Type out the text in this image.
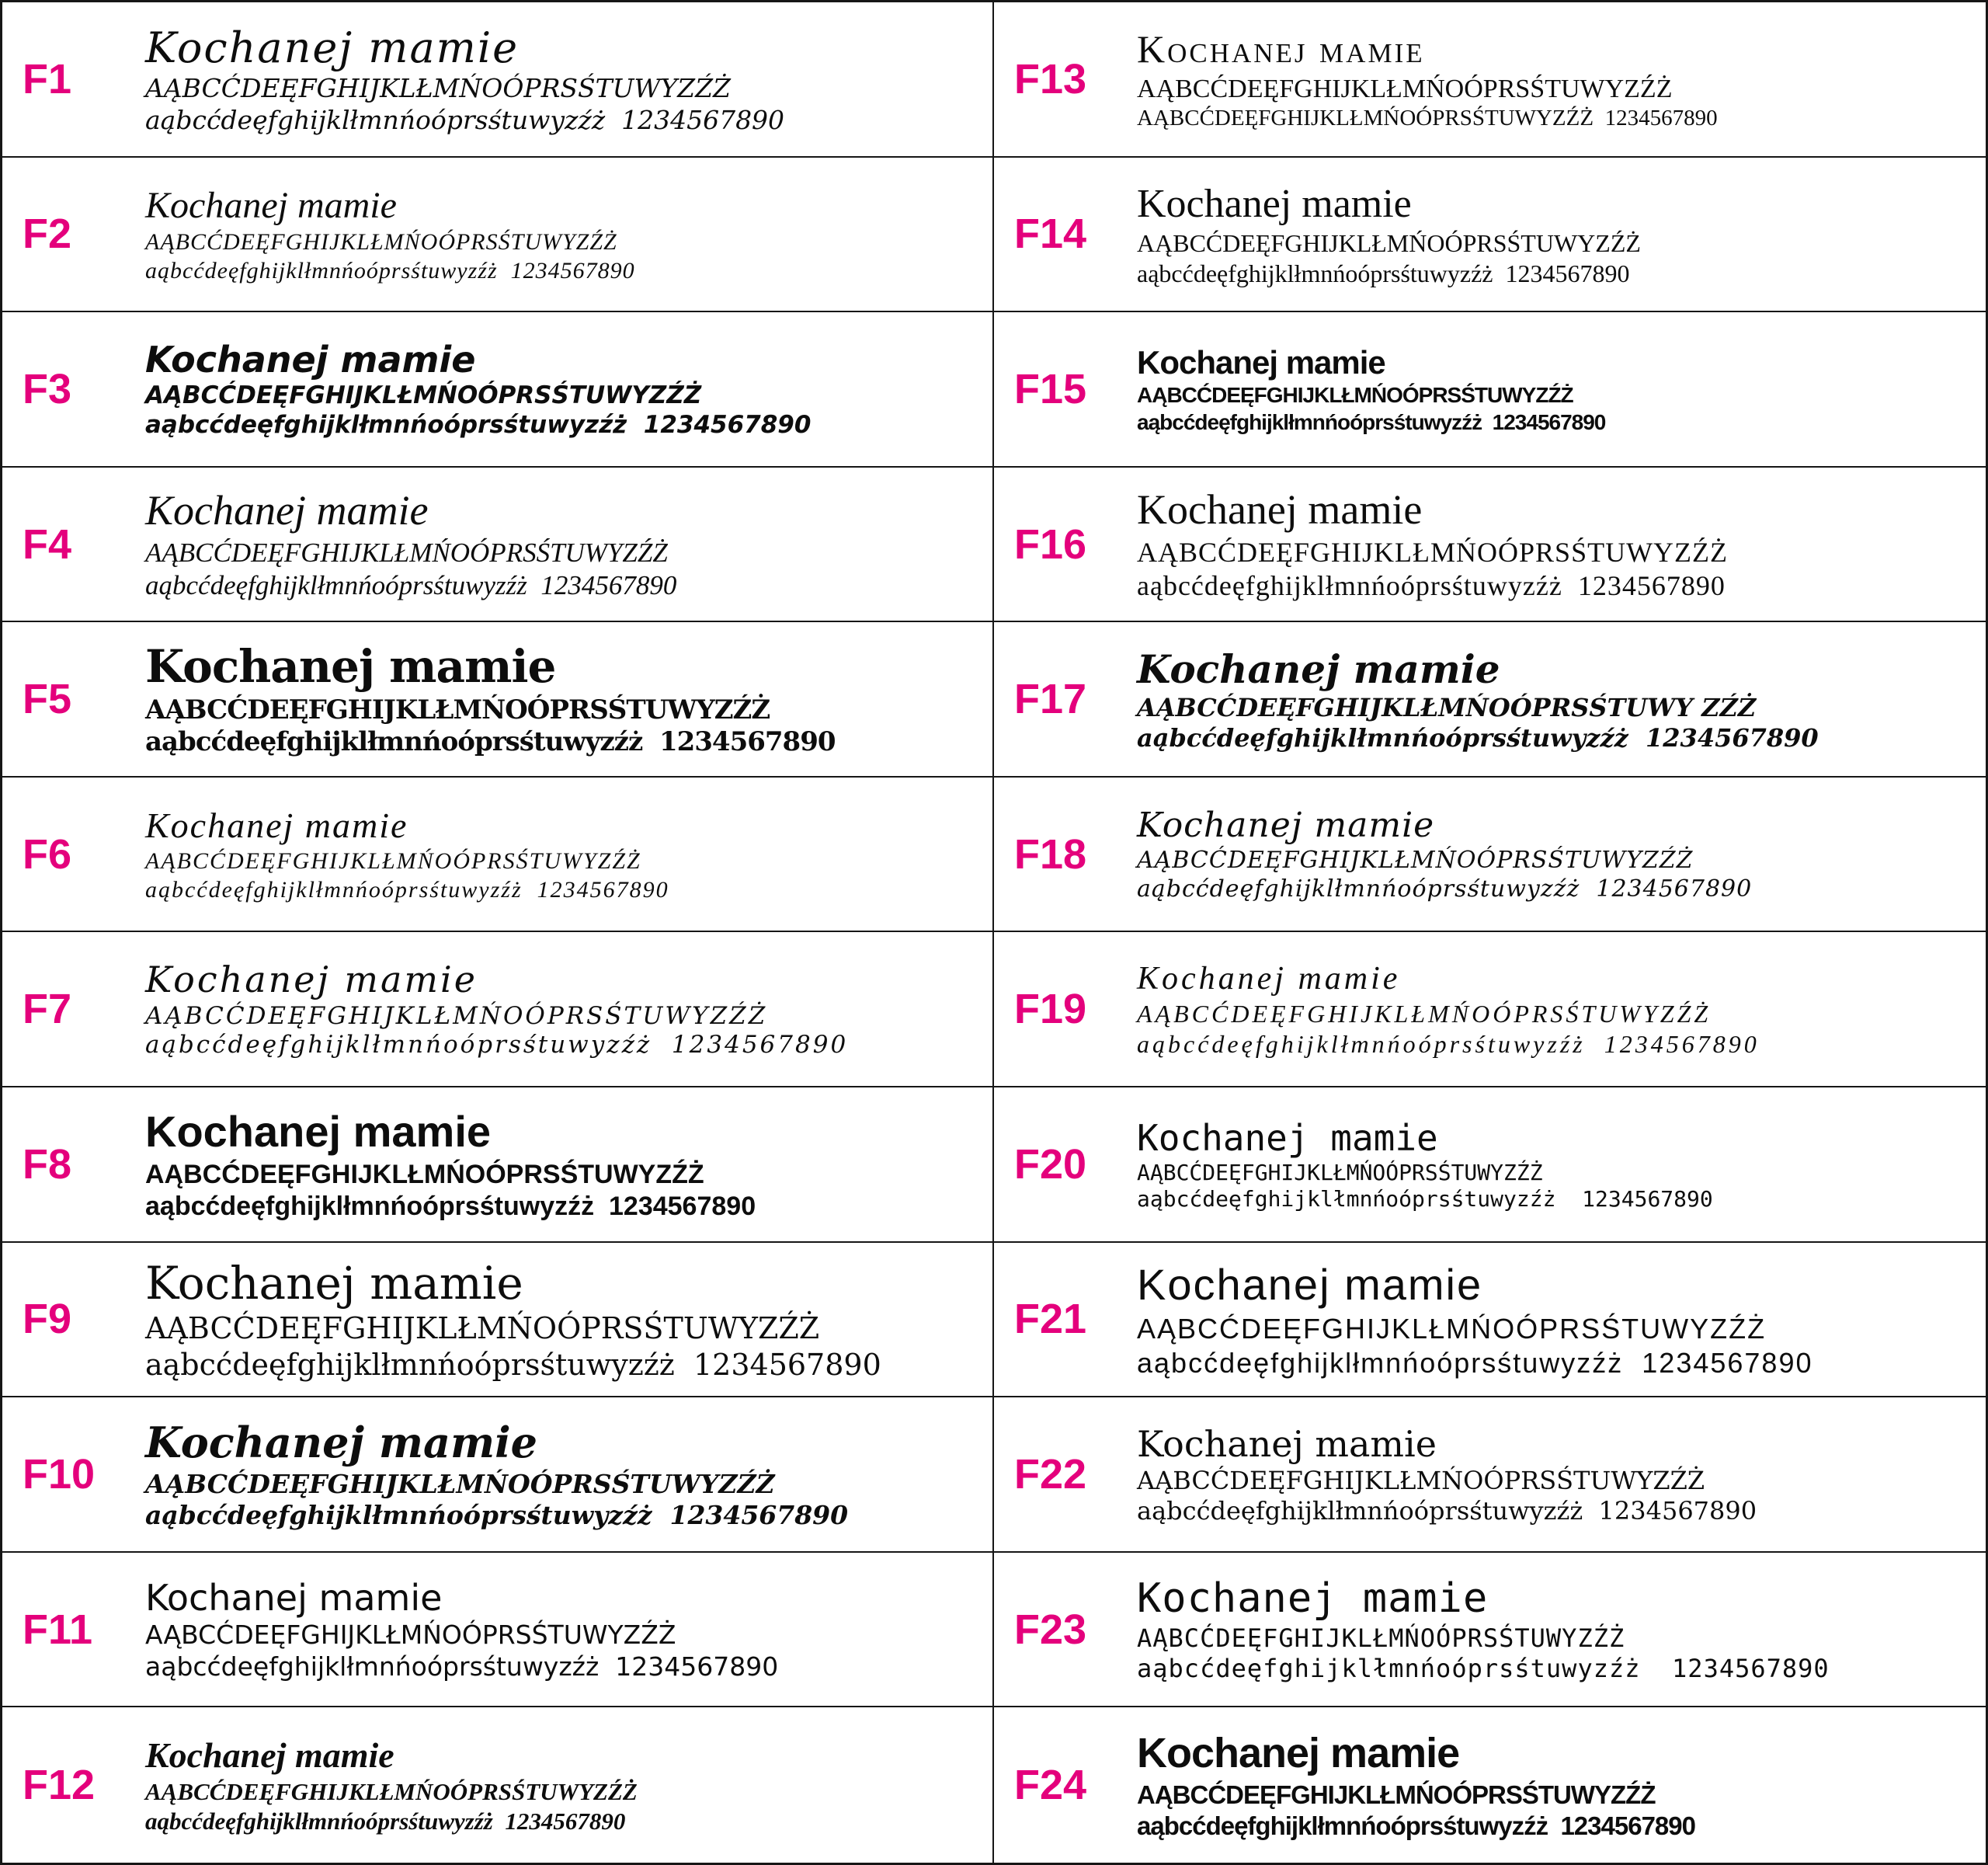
F1
Kochanej mamie
AĄBCĆDEĘFGHIJKLŁMŃOÓPRSŚTUWYZŹŻ
aąbcćdeęfghijklłmnńoóprsśtuwyzźż  1234567890
F2
Kochanej mamie
AĄBCĆDEĘFGHIJKLŁMŃOÓPRSŚTUWYZŹŻ
aąbcćdeęfghijklłmnńoóprsśtuwyzźż  1234567890
F3
Kochanej mamie
AĄBCĆDEĘFGHIJKLŁMŃOÓPRSŚTUWYZŹŻ
aąbcćdeęfghijklłmnńoóprsśtuwyzźż  1234567890
F4
Kochanej mamie
AĄBCĆDEĘFGHIJKLŁMŃOÓPRSŚTUWYZŹŻ
aąbcćdeęfghijklłmnńoóprsśtuwyzźż  1234567890
F5
Kochanej mamie
AĄBCĆDEĘFGHIJKLŁMŃOÓPRSŚTUWYZŹŻ
aąbcćdeęfghijklłmnńoóprsśtuwyzźż  1234567890
F6
Kochanej mamie
AĄBCĆDEĘFGHIJKLŁMŃOÓPRSŚTUWYZŹŻ
aąbcćdeęfghijklłmnńoóprsśtuwyzźż  1234567890
F7
Kochanej mamie
AĄBCĆDEĘFGHIJKLŁMŃOÓPRSŚTUWYZŹŻ
aąbcćdeęfghijklłmnńoóprsśtuwyzźż  1234567890
F8
Kochanej mamie
AĄBCĆDEĘFGHIJKLŁMŃOÓPRSŚTUWYZŹŻ
aąbcćdeęfghijklłmnńoóprsśtuwyzźż  1234567890
F9
Kochanej mamie
AĄBCĆDEĘFGHIJKLŁMŃOÓPRSŚTUWYZŹŻ
aąbcćdeęfghijklłmnńoóprsśtuwyzźż  1234567890
F10
Kochanej mamie
AĄBCĆDEĘFGHIJKLŁMŃOÓPRSŚTUWYZŹŻ
aąbcćdeęfghijklłmnńoóprsśtuwyzźż  1234567890
F11
Kochanej mamie
AĄBCĆDEĘFGHIJKLŁMŃOÓPRSŚTUWYZŹŻ
aąbcćdeęfghijklłmnńoóprsśtuwyzźż  1234567890
F12
Kochanej mamie
AĄBCĆDEĘFGHIJKLŁMŃOÓPRSŚTUWYZŹŻ
aąbcćdeęfghijklłmnńoóprsśtuwyzźż  1234567890
F13
Kochanej mamie
AĄBCĆDEĘFGHIJKLŁMŃOÓPRSŚTUWYZŹŻ
AĄBCĆDEĘFGHIJKLŁMŃOÓPRSŚTUWYZŹŻ  1234567890
F14
Kochanej mamie
AĄBCĆDEĘFGHIJKLŁMŃOÓPRSŚTUWYZŹŻ
aąbcćdeęfghijklłmnńoóprsśtuwyzźż  1234567890
F15
Kochanej mamie
AĄBCĆDEĘFGHIJKLŁMŃOÓPRSŚTUWYZŹŻ
aąbcćdeęfghijklłmnńoóprsśtuwyzźż  1234567890
F16
Kochanej mamie
AĄBCĆDEĘFGHIJKLŁMŃOÓPRSŚTUWYZŹŻ
aąbcćdeęfghijklłmnńoóprsśtuwyzźż  1234567890
F17
Kochanej mamie
AĄBCĆDEĘFGHIJKLŁMŃOÓPRSŚTUWY ZŹŻ
aąbcćdeęfghijklłmnńoóprsśtuwyzźż  1234567890
F18
Kochanej mamie
AĄBCĆDEĘFGHIJKLŁMŃOÓPRSŚTUWYZŹŻ
aąbcćdeęfghijklłmnńoóprsśtuwyzźż  1234567890
F19
Kochanej mamie
AĄBCĆDEĘFGHIJKLŁMŃOÓPRSŚTUWYZŹŻ
aąbcćdeęfghijklłmnńoóprsśtuwyzźż  1234567890
F20
Kochanej mamie
AĄBCĆDEĘFGHIJKLŁMŃOÓPRSŚTUWYZŹŻ
aąbcćdeęfghijklłmnńoóprsśtuwyzźż  1234567890
F21
Kochanej mamie
AĄBCĆDEĘFGHIJKLŁMŃOÓPRSŚTUWYZŹŻ
aąbcćdeęfghijklłmnńoóprsśtuwyzźż  1234567890
F22
Kochanej mamie
AĄBCĆDEĘFGHIJKLŁMŃOÓPRSŚTUWYZŹŻ
aąbcćdeęfghijklłmnńoóprsśtuwyzźż  1234567890
F23
Kochanej mamie
AĄBCĆDEĘFGHIJKLŁMŃOÓPRSŚTUWYZŹŻ
aąbcćdeęfghijklłmnńoóprsśtuwyzźż  1234567890
F24
Kochanej mamie
AĄBCĆDEĘFGHIJKLŁMŃOÓPRSŚTUWYZŹŻ
aąbcćdeęfghijklłmnńoóprsśtuwyzźż  1234567890
